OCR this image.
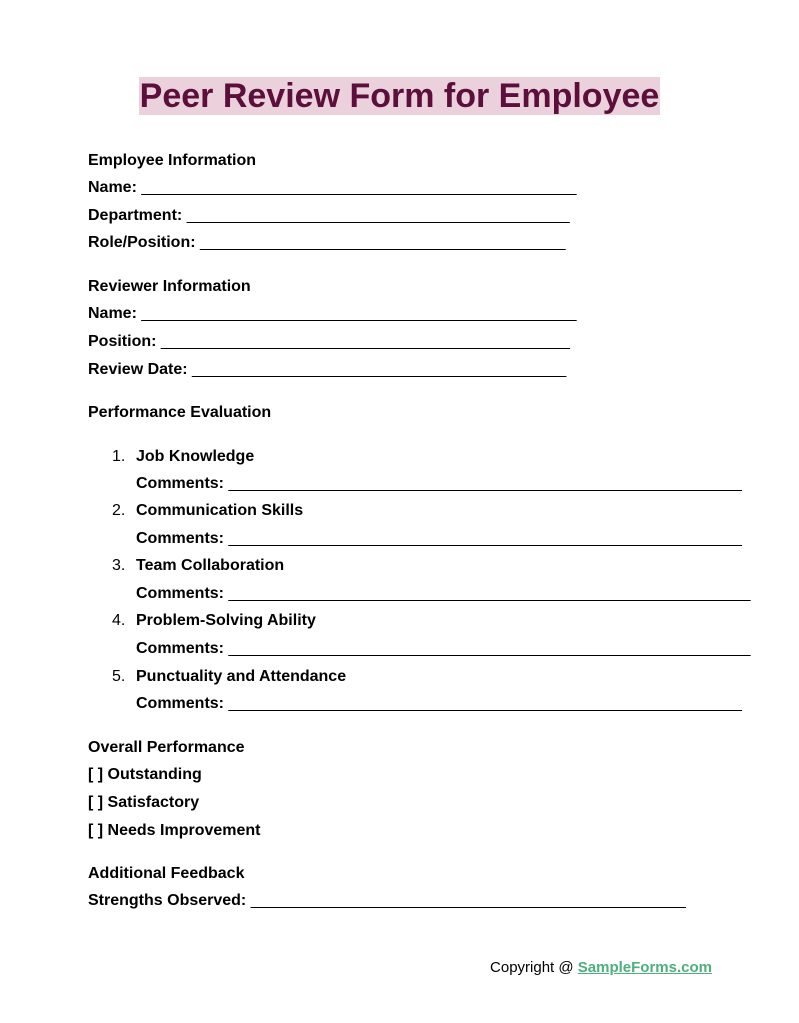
Peer Review Form for Employee
Employee Information
Name: __________________________________________________
Department: ____________________________________________
Role/Position: __________________________________________
Reviewer Information
Name: __________________________________________________
Position: _______________________________________________
Review Date: ___________________________________________
Performance Evaluation
1. Job Knowledge
Comments: ___________________________________________________________
2. Communication Skills
Comments: ___________________________________________________________
3. Team Collaboration
Comments: ____________________________________________________________
4. Problem-Solving Ability
Comments: ____________________________________________________________
5. Punctuality and Attendance
Comments: ___________________________________________________________
Overall Performance
[ ] Outstanding
[ ] Satisfactory
[ ] Needs Improvement
Additional Feedback
Strengths Observed: __________________________________________________
Copyright @ SampleForms.com
